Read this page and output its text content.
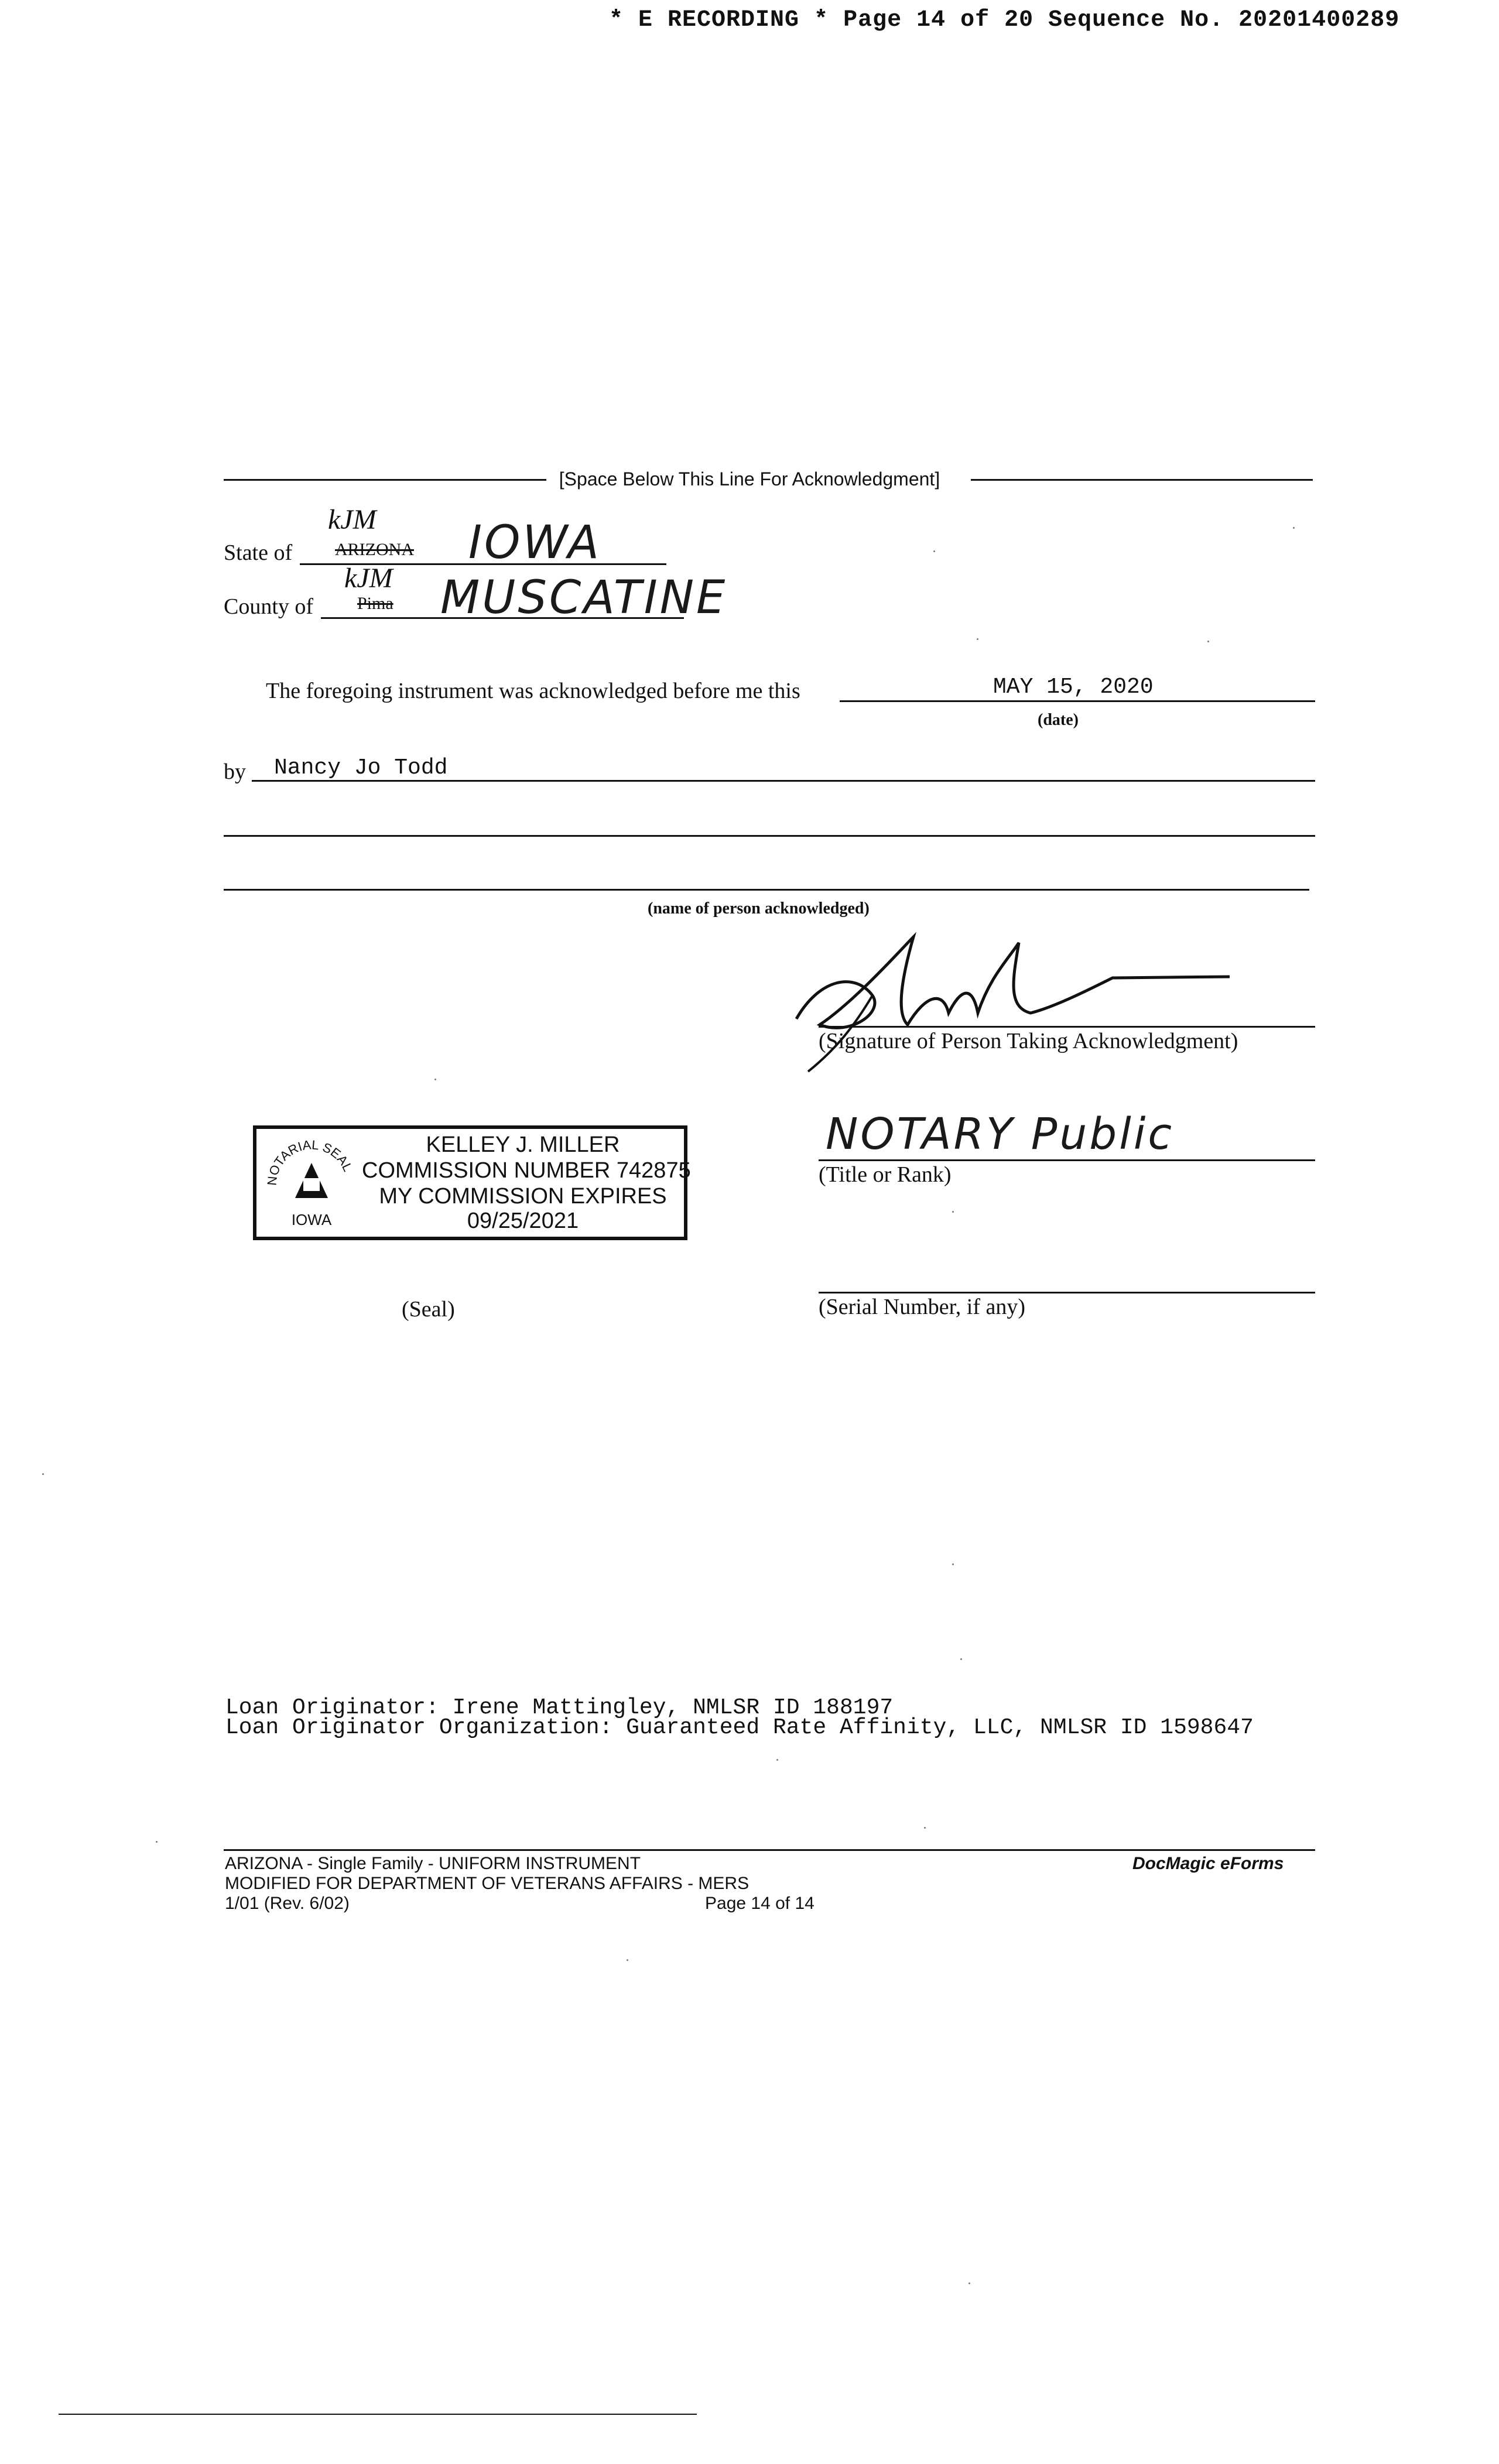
* E RECORDING * Page 14 of 20 Sequence No. 20201400289
[Space Below This Line For Acknowledgment]
State of ARIZONA
kJM IOWA
County of Pima
kJM MUSCATINE
The foregoing instrument was acknowledged before me this	MAY 15, 2020
(date)
by Nancy Jo Todd
(name of person acknowledged)
(Signature of Person Taking Acknowledgment)
NOTARY Public
(Title or Rank)
NOTARIAL SEAL
IOWA
KELLEY J. MILLER
COMMISSION NUMBER 742875
MY COMMISSION EXPIRES
09/25/2021
(Seal)	(Serial Number, if any)
Loan Originator: Irene Mattingley, NMLSR ID 188197
Loan Originator Organization: Guaranteed Rate Affinity, LLC, NMLSR ID 1598647
ARIZONA - Single Family - UNIFORM INSTRUMENT
MODIFIED FOR DEPARTMENT OF VETERANS AFFAIRS - MERS
1/01 (Rev. 6/02)	Page 14 of 14
DocMagic eForms
